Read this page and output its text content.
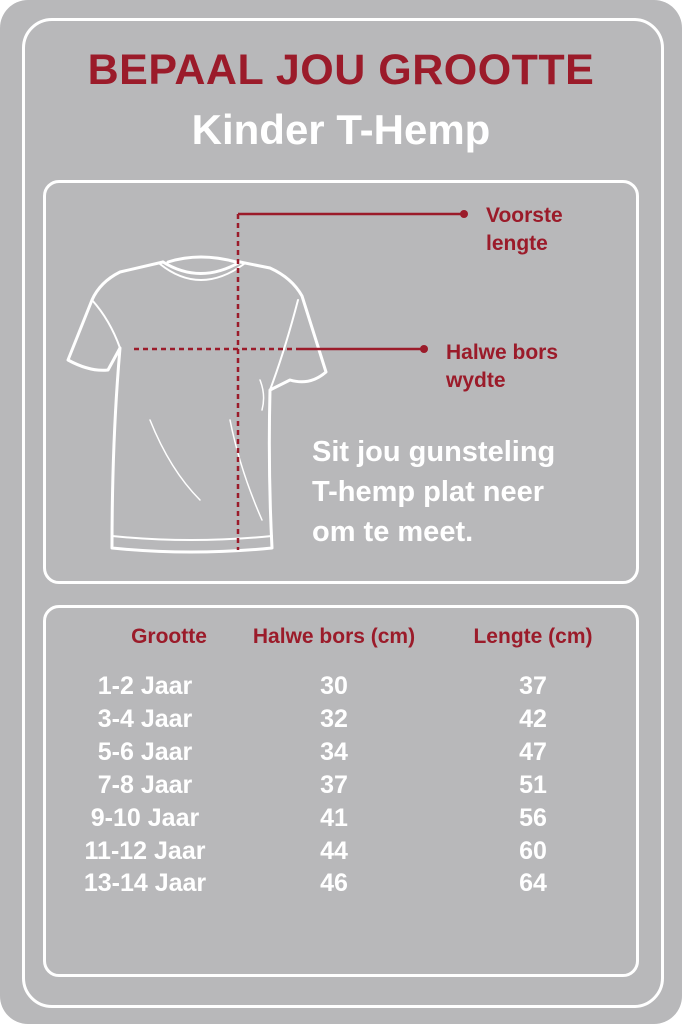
BEPAAL JOU GROOTTE
Kinder T-Hemp
Voorste
lengte
Halwe bors
wydte
Sit jou gunsteling
T-hemp plat neer
om te meet.
Grootte	Halwe bors (cm)	Lengte (cm)
1-2 Jaar	30	37
3-4 Jaar	32	42
5-6 Jaar	34	47
7-8 Jaar	37	51
9-10 Jaar	41	56
11-12 Jaar	44	60
13-14 Jaar	46	64
